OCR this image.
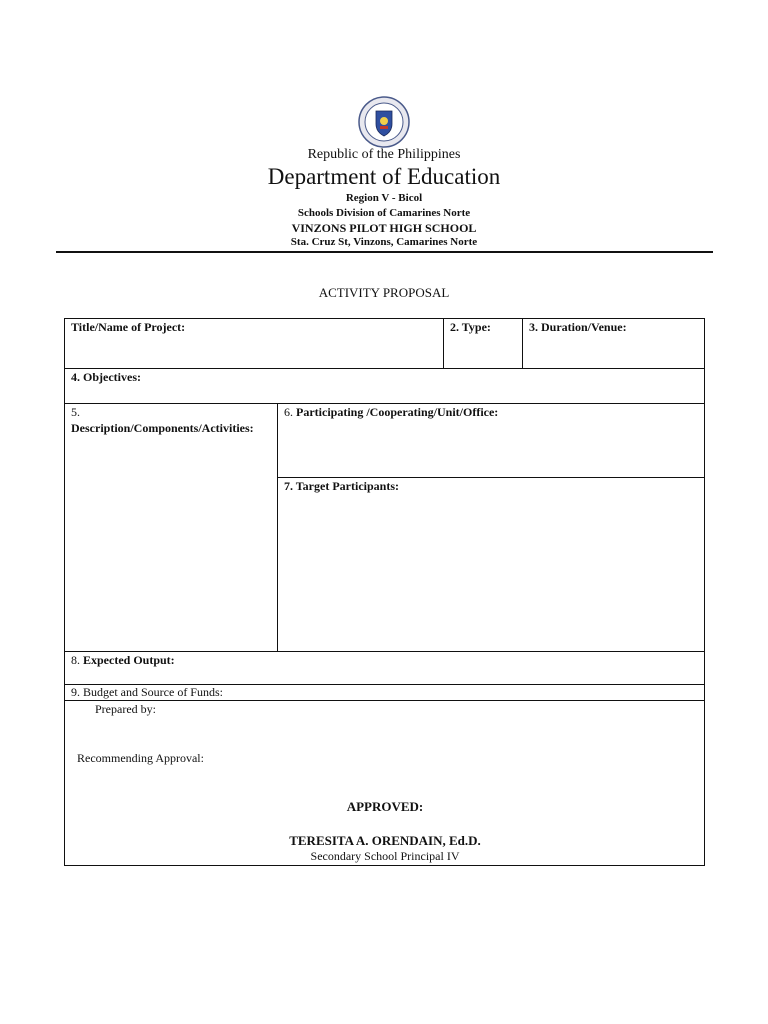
Republic of the Philippines
Department of Education
Region V - Bicol
Schools Division of Camarines Norte
VINZONS PILOT HIGH SCHOOL
Sta. Cruz St, Vinzons, Camarines Norte
ACTIVITY PROPOSAL
Title/Name of Project:		2. Type:	3. Duration/Venue:

4. Objectives:			

5.
Description/Components/Activities:	6. Participating /Cooperating/Unit/Office:		

	7. Target Participants:		

8. Expected Output:			

9. Budget and Source of Funds:			

Prepared by:
Recommending Approval:
APPROVED:
TERESITA A. ORENDAIN, Ed.D.
Secondary School Principal IV			
